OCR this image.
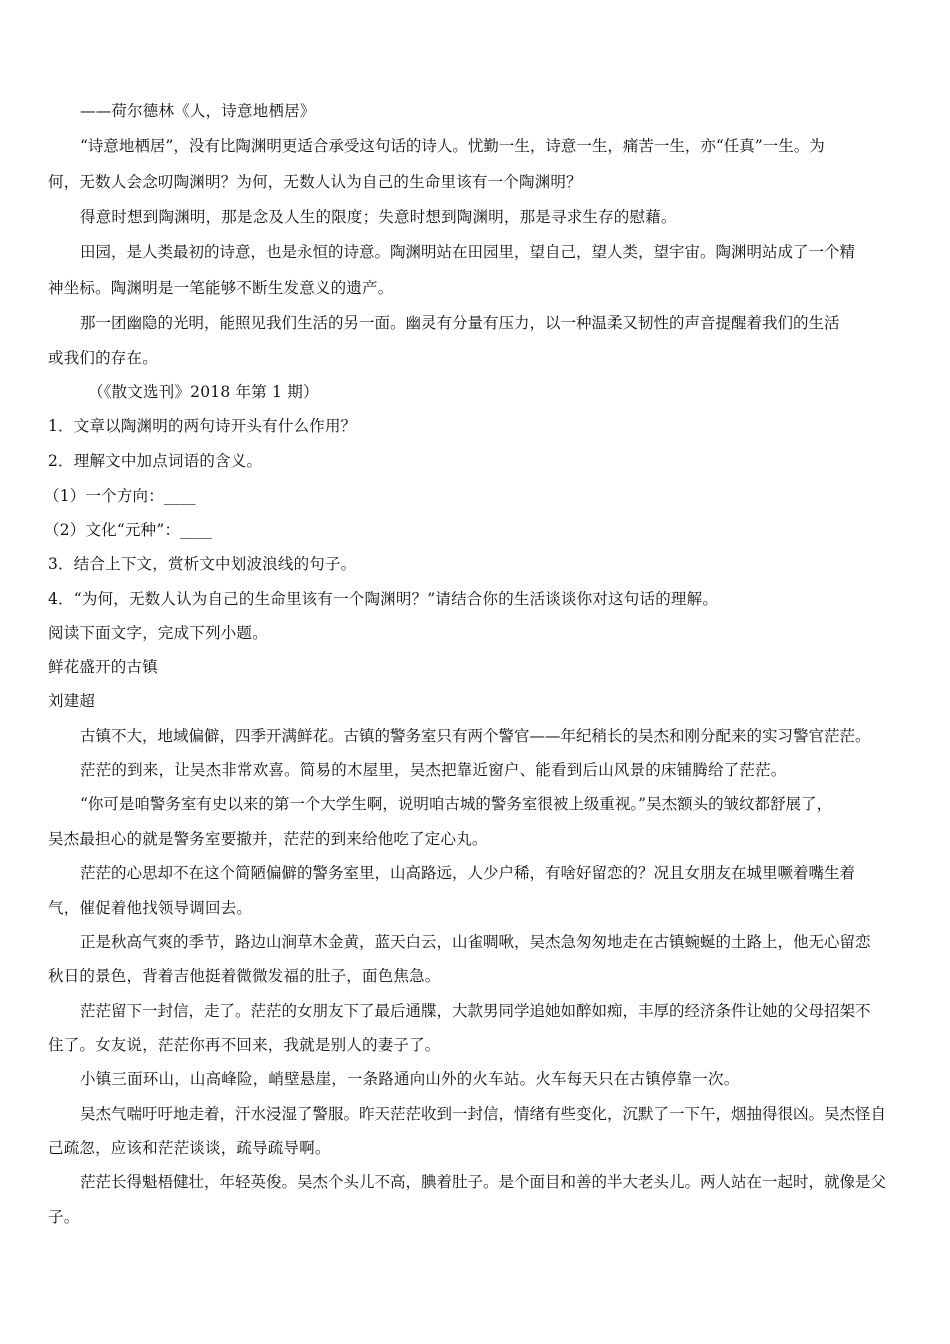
——荷尔德林《人，诗意地栖居》
“诗意地栖居”，没有比陶渊明更适合承受这句话的诗人。忧勤一生，诗意一生，痛苦一生，亦“任真”一生。为
何，无数人会念叨陶渊明？为何，无数人认为自己的生命里该有一个陶渊明？
得意时想到陶渊明，那是念及人生的限度；失意时想到陶渊明，那是寻求生存的慰藉。
田园，是人类最初的诗意，也是永恒的诗意。陶渊明站在田园里，望自己，望人类，望宇宙。陶渊明站成了一个精
神坐标。陶渊明是一笔能够不断生发意义的遗产。
那一团幽隐的光明，能照见我们生活的另一面。幽灵有分量有压力，以一种温柔又韧性的声音提醒着我们的生活
或我们的存在。
（《散文选刊》2018 年第 1 期）
1．文章以陶渊明的两句诗开头有什么作用？
2．理解文中加点词语的含义。
（1）一个方向：____
（2）文化“元种”：____
3．结合上下文，赏析文中划波浪线的句子。
4．“为何，无数人认为自己的生命里该有一个陶渊明？”请结合你的生活谈谈你对这句话的理解。
阅读下面文字，完成下列小题。
鲜花盛开的古镇
刘建超
古镇不大，地域偏僻，四季开满鲜花。古镇的警务室只有两个警官——年纪稍长的吴杰和刚分配来的实习警官茫茫。
茫茫的到来，让吴杰非常欢喜。简易的木屋里，吴杰把靠近窗户、能看到后山风景的床铺腾给了茫茫。
“你可是咱警务室有史以来的第一个大学生啊，说明咱古城的警务室很被上级重视。”吴杰额头的皱纹都舒展了，
吴杰最担心的就是警务室要撤并，茫茫的到来给他吃了定心丸。
茫茫的心思却不在这个简陋偏僻的警务室里，山高路远，人少户稀，有啥好留恋的？况且女朋友在城里噘着嘴生着
气，催促着他找领导调回去。
正是秋高气爽的季节，路边山涧草木金黄，蓝天白云，山雀啁啾，吴杰急匆匆地走在古镇蜿蜒的土路上，他无心留恋
秋日的景色，背着吉他挺着微微发福的肚子，面色焦急。
茫茫留下一封信，走了。茫茫的女朋友下了最后通牒，大款男同学追她如醉如痴，丰厚的经济条件让她的父母招架不
住了。女友说，茫茫你再不回来，我就是别人的妻子了。
小镇三面环山，山高峰险，峭壁悬崖，一条路通向山外的火车站。火车每天只在古镇停靠一次。
吴杰气喘吁吁地走着，汗水浸湿了警服。昨天茫茫收到一封信，情绪有些变化，沉默了一下午，烟抽得很凶。吴杰怪自
己疏忽，应该和茫茫谈谈，疏导疏导啊。
茫茫长得魁梧健壮，年轻英俊。吴杰个头儿不高，腆着肚子。是个面目和善的半大老头儿。两人站在一起时，就像是父
子。
